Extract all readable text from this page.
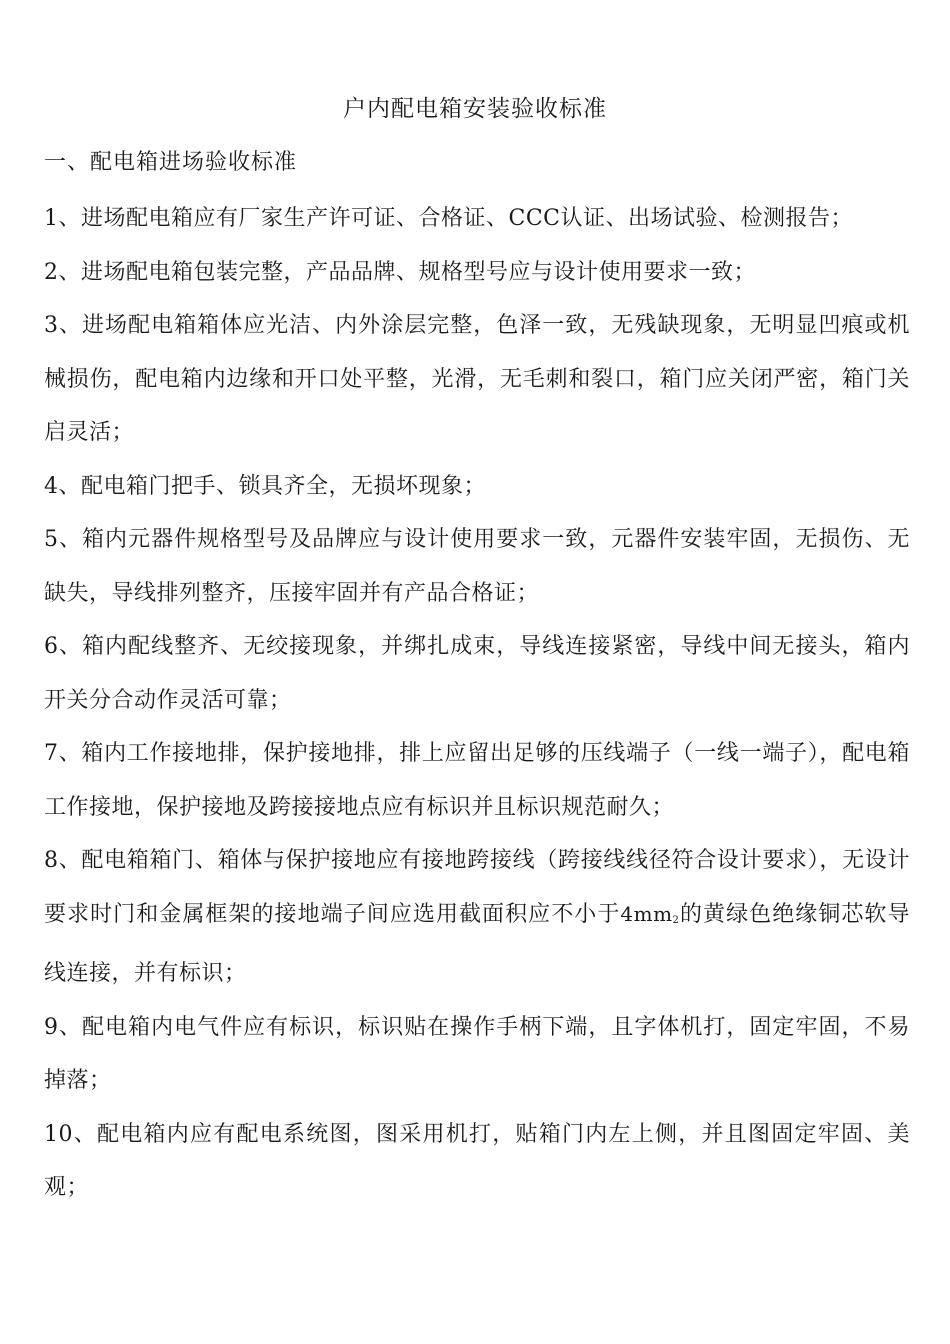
户内配电箱安装验收标准
一、配电箱进场验收标准

1、进场配电箱应有厂家生产许可证、合格证、CCC认证、出场试验、检测报告；

2、进场配电箱包装完整，产品品牌、规格型号应与设计使用要求一致；

3、进场配电箱箱体应光洁、内外涂层完整，色泽一致，无残缺现象，无明显凹痕或机械损伤，配电箱内边缘和开口处平整，光滑，无毛刺和裂口，箱门应关闭严密，箱门关启灵活；

4、配电箱门把手、锁具齐全，无损坏现象；

5、箱内元器件规格型号及品牌应与设计使用要求一致，元器件安装牢固，无损伤、无缺失，导线排列整齐，压接牢固并有产品合格证；

6、箱内配线整齐、无绞接现象，并绑扎成束，导线连接紧密，导线中间无接头，箱内开关分合动作灵活可靠；

7、箱内工作接地排，保护接地排，排上应留出足够的压线端子（一线一端子），配电箱工作接地，保护接地及跨接接地点应有标识并且标识规范耐久；

8、配电箱箱门、箱体与保护接地应有接地跨接线（跨接线线径符合设计要求），无设计要求时门和金属框架的接地端子间应选用截面积应不小于$4mm_2$的黄绿色绝缘铜芯软导线连接，并有标识；

9、配电箱内电气件应有标识，标识贴在操作手柄下端，且字体机打，固定牢固，不易掉落；

10、配电箱内应有配电系统图，图采用机打，贴箱门内左上侧，并且图固定牢固、美观；
